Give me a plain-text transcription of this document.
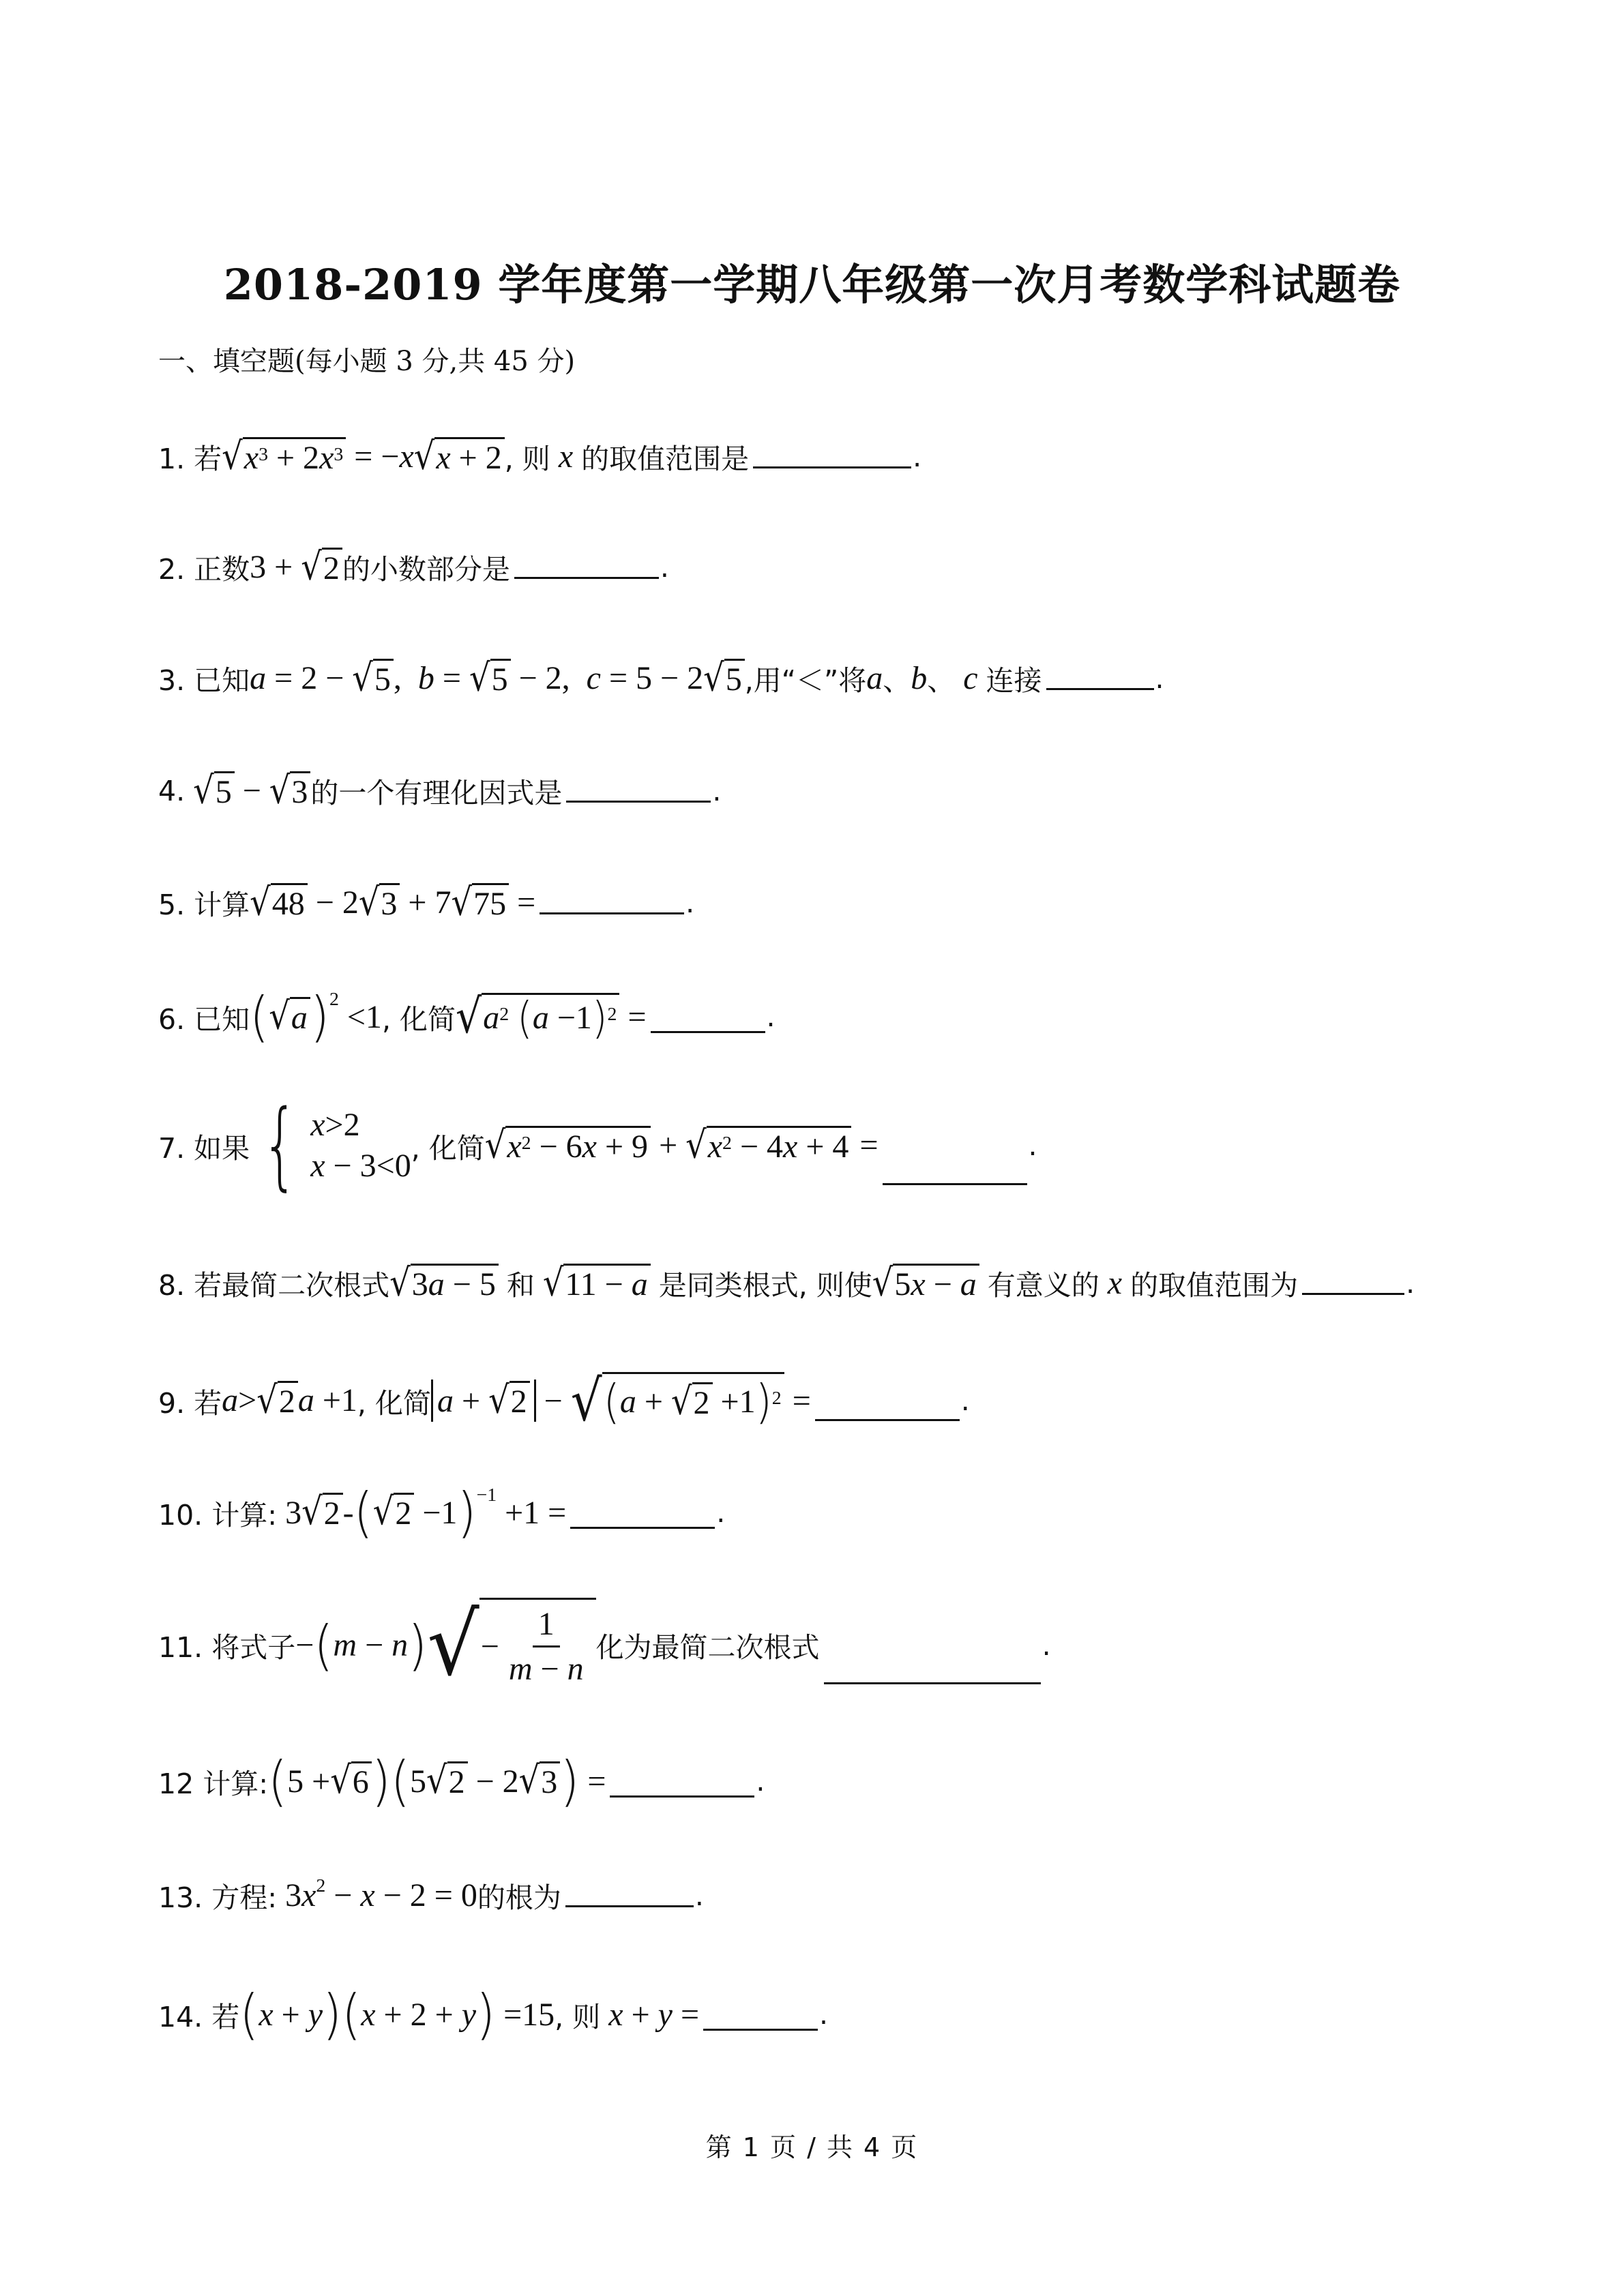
2018-2019 学年度第一学期八年级第一次月考数学科试题卷
一、填空题(每小题 3 分,共 45 分)
1. 若 √ $x^3 + 2$ $x^3 = -x$ √ x + 2 , 则 x 的取值范围是	.
2. 正数 3 + √ 2 的小数部分是	.
3. 已知 a = 2 − √ 5 ,  b = √ 5 − 2,  c = 5 − 2 √ 5 ,用“＜”将 a 、 b 、 c 连接	.
4.
√ 5 − √ 3 的一个有理化因式是	.
5. 计算 √ 48 − 2 √ 3 + 7 √ 75 =	.
6. 已知 ( √ a )$^2$ <1 , 化简 √ $a^2$
( a −1 )$^2$ =	.
7. 如果 { x>2
x − 3<0 , 化简 √ $x^2 - 6$ x + 9 + √ $x^2 - 4$ x + 4 =	.
8. 若最简二次根式 √ 3 a − 5
和
√ 11 − a
是同类根式, 则使 √ 5 x − a
有意义的 x 的取值范围为	.
9. 若 a> √ 2 a +1 , 化简 a + √ 2 − √ ( a + √ 2 +1 )$^2$ =	.
10. 计算: 3 √ 2 - ( √ 2 −1 )$^{-1}$ +1 =	.
11. 将式子 − ( m − n ) √ − $\frac{1}{m - n}$ 化为最简二次根式	.
12 计算: ( 5 + √ 6 ) ( 5 √ 2 − 2 √ 3 ) =	.
13. 方程: $3x^2 - x - 2 = 0$ 的根为	.
14. 若 ( x + y ) ( x + 2 + y ) =15 , 则 x + y =	.
第 1 页 / 共 4 页
